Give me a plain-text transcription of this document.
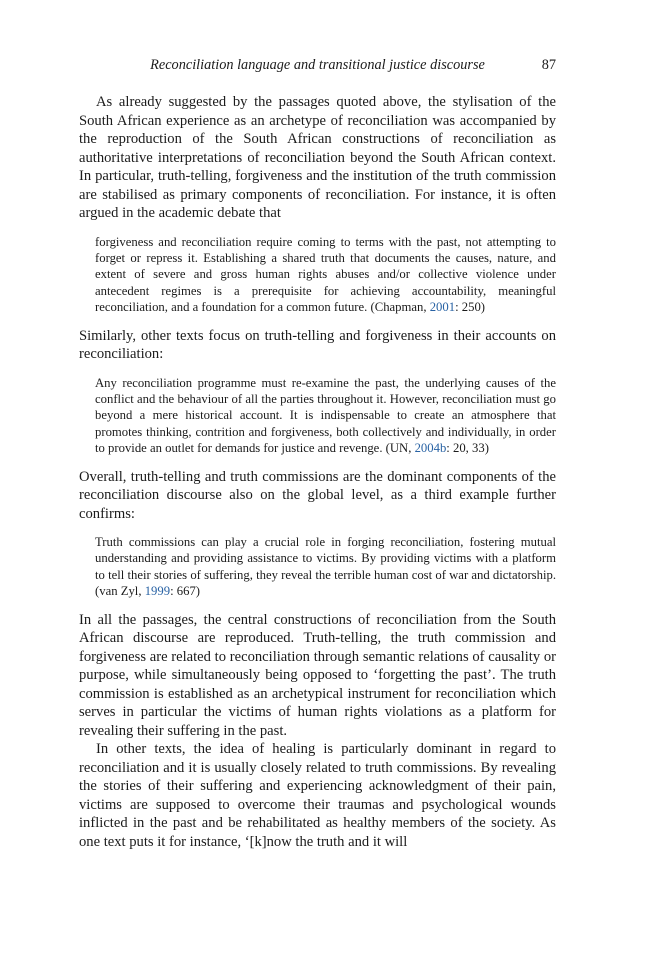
Reconciliation language and transitional justice discourse	87

As already suggested by the passages quoted above, the stylisation of the South African experience as an archetype of reconciliation was accompanied by the reproduction of the South African constructions of reconciliation as authoritative interpretations of reconciliation beyond the South African context. In particular, truth-telling, forgiveness and the institution of the truth commission are stabilised as primary components of reconciliation. For instance, it is often argued in the academic debate that

forgiveness and reconciliation require coming to terms with the past, not attempting to forget or repress it. Establishing a shared truth that documents the causes, nature, and extent of severe and gross human rights abuses and/or collective violence under antecedent regimes is a prerequisite for achieving accountability, meaningful reconciliation, and a foundation for a common future. (Chapman, 2001: 250)

Similarly, other texts focus on truth-telling and forgiveness in their accounts on reconciliation:

Any reconciliation programme must re-examine the past, the underlying causes of the conflict and the behaviour of all the parties throughout it. However, reconciliation must go beyond a mere historical account. It is indispensable to create an atmosphere that promotes thinking, contrition and forgiveness, both collectively and individually, in order to provide an outlet for demands for justice and revenge. (UN, 2004b: 20, 33)

Overall, truth-telling and truth commissions are the dominant components of the reconciliation discourse also on the global level, as a third example further confirms:

Truth commissions can play a crucial role in forging reconciliation, fostering mutual understanding and providing assistance to victims. By providing victims with a platform to tell their stories of suffering, they reveal the terrible human cost of war and dictatorship. (van Zyl, 1999: 667)

In all the passages, the central constructions of reconciliation from the South African discourse are reproduced. Truth-telling, the truth commission and forgiveness are related to reconciliation through semantic relations of causality or purpose, while simultaneously being opposed to ‘forgetting the past’. The truth commission is established as an archetypical instrument for reconciliation which serves in particular the victims of human rights violations as a platform for revealing their suffering in the past.

In other texts, the idea of healing is particularly dominant in regard to reconciliation and it is usually closely related to truth commissions. By revealing the stories of their suffering and experiencing acknowledgment of their pain, victims are supposed to overcome their traumas and psychological wounds inflicted in the past and be rehabilitated as healthy members of the society. As one text puts it for instance, ‘[k]now the truth and it will
